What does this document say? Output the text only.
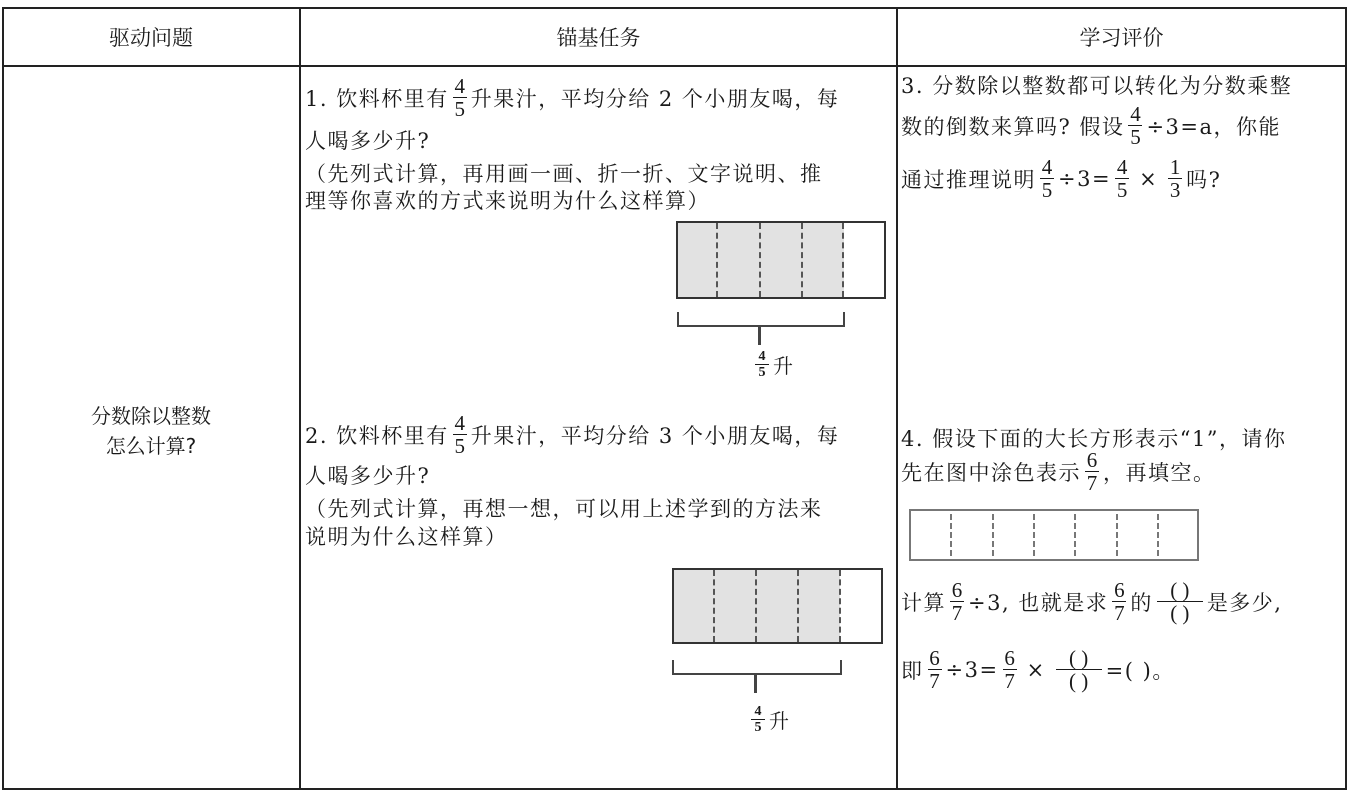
驱动问题	锚基任务	学习评价
分数除以整数
怎么计算?
1. 饮料杯里有 $\frac{4}{5}$ 升果汁，平均分给 2 个小朋友喝，每
人喝多少升?
（先列式计算，再用画一画、折一折、文字说明、推
理等你喜欢的方式来说明为什么这样算）
$\frac{4}{5}$ 升
2. 饮料杯里有 $\frac{4}{5}$ 升果汁，平均分给 3 个小朋友喝，每
人喝多少升?
（先列式计算，再想一想，可以用上述学到的方法来
说明为什么这样算）
$\frac{4}{5}$ 升
3. 分数除以整数都可以转化为分数乘整
数的倒数来算吗? 假设 $\frac{4}{5} \div 3=a$，你能
通过推理说明 $\frac{4}{5} \div 3= \frac{4}{5} \times \frac{1}{3}$ 吗?
4. 假设下面的大长方形表示“1”，请你
先在图中涂色表示 $\frac{6}{7}$ ，再填空。
计算 $\frac{6}{7} \div 3$, 也就是求 $\frac{6}{7}$ 的 $\frac{( )}{( )}$ 是多少,
即 $\frac{6}{7} \div 3= \frac{6}{7} \times \frac{( )}{( )}$ =( )。
